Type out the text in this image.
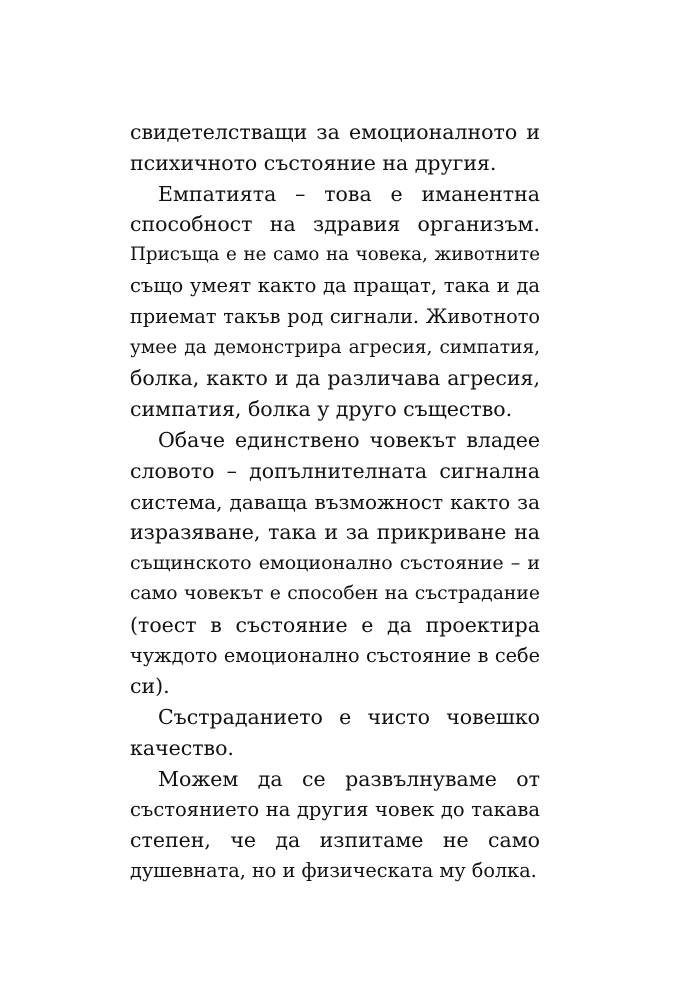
свидетелстващи за емоционалното и
психичното състояние на другия.
Емпатията – това е иманентна
способност на здравия организъм.
Присъща е не само на човека, животните
също умеят както да пращат, така и да
приемат такъв род сигнали. Животното
умее да демонстрира агресия, симпатия,
болка, както и да различава агресия,
симпатия, болка у друго същество.
Обаче единствено човекът владее
словото – допълнителната сигнална
система, даваща възможност както за
изразяване, така и за прикриване на
същинското емоционално състояние – и
само човекът е способен на състрадание
(тоест в състояние е да проектира
чуждото емоционално състояние в себе
си).
Състраданието е чисто човешко
качество.
Можем да се развълнуваме от
състоянието на другия човек до такава
степен, че да изпитаме не само
душевната, но и физическата му болка.
